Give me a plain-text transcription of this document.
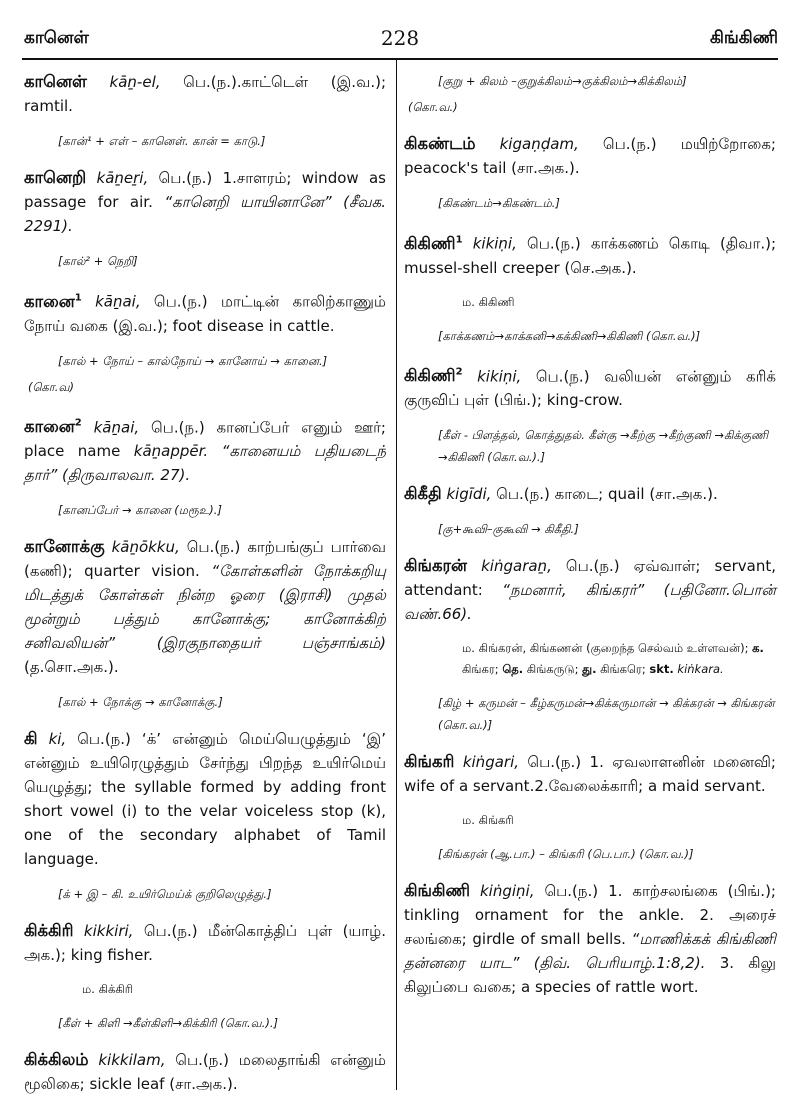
கானெள்	228	கிங்கிணி
கானெள் kāṉ-el, பெ.(ந.).காட்டெள் (இ.வ.); ramtil.
[கான்¹ + எள் – கானெள். கான் = காடு.]
கானெறி kāṉeṟi, பெ.(ந.) 1.சாளரம்; window as passage for air. “கானெறி யாயினானே” (சீவக. 2291).
[கால்² + நெறி]
கானை$^1$ kāṉai, பெ.(ந.) மாட்டின் காலிற்காணும் நோய் வகை (இ.வ.); foot disease in cattle.
[கால் + நோய் – கால்நோய் → கானோய் → கானை.]
(கொ.வ)
கானை$^2$ kāṉai, பெ.(ந.) கானப்பேர் எனும் ஊர்; place name kāṉappēr. “கானையம் பதியடைந் தார்” (திருவாலவா. 27).
[கானப்பேர் → கானை (மரூஉ).]
கானோக்கு kāṉōkku, பெ.(ந.) காற்பங்குப் பார்வை (கணி); quarter vision. “கோள்களின் நோக்கறியு மிடத்துக் கோள்கள் நின்ற ஓரை (இராசி) முதல் மூன்றும் பத்தும் கானோக்கு; கானோக்கிற் சனிவலியன்” (இரகுநாதையர் பஞ்சாங்கம்) (த.சொ.அக.).
[கால் + நோக்கு → கானோக்கு.]
கி ki, பெ.(ந.) ‘க்’ என்னும் மெய்யெழுத்தும் ‘இ’ என்னும் உயிரெழுத்தும் சேர்ந்து பிறந்த உயிர்மெய் யெழுத்து; the syllable formed by adding front short vowel (i) to the velar voiceless stop (k), one of the secondary alphabet of Tamil language.
[க் + இ – கி. உயிர்மெய்க் குறிலெழுத்து.]
கிக்கிரி kikkiri, பெ.(ந.) மீன்கொத்திப் புள் (யாழ். அக.); king fisher.
ம. கிக்கிரி
[கீள் + கிளி →கீள்கிளி→கிக்கிரி (கொ.வ.).]
கிக்கிலம் kikkilam, பெ.(ந.) மலைதாங்கி என்னும் மூலிகை; sickle leaf (சா.அக.).
[குறு + கிலம் –குறுக்கிலம்→குக்கிலம்→கிக்கிலம்]
(கொ.வ.)
கிகண்டம் kigaṇḍam, பெ.(ந.) மயிற்றோகை; peacock's tail (சா.அக.).
[கிகண்டம்→கிகண்டம்.]
கிகிணி$^1$ kikiṇi, பெ.(ந.) காக்கணம் கொடி (திவா.); mussel-shell creeper (செ.அக.).
ம. கிகிணி
[காக்கணம்→காக்கனி→கக்கிணி→கிகிணி (கொ.வ.)]
கிகிணி$^2$ kikiṇi, பெ.(ந.) வலியன் என்னும் கரிக் குருவிப் புள் (பிங்.); king-crow.
[கீள் - பிளத்தல், கொத்துதல். கீள்கு →கீற்கு →கீற்குணி →கிக்குணி →கிகிணி (கொ.வ.).]
கிகீதி kigīdi, பெ.(ந.) காடை; quail (சா.அக.).
[கு+கூவி–குகூவி → கிகீதி.]
கிங்கரன் kiṅgaraṉ, பெ.(ந.) ஏவ்வாள்; servant, attendant: “நமனார், கிங்கரர்” (பதினோ.பொன் வண்.66).
ம. கிங்கரன், கிங்கணன் (குறைந்த செல்வம் உள்ளவன்); க. கிங்கர; தெ. கிங்கருடு; து. கிங்கரெ; skt. kiṅkara.
[கிழ் + கருமன் – கீழ்கருமன்→கிக்கருமான் → கிக்கரன் → கிங்கரன் (கொ.வ.)]
கிங்கரி kiṅgari, பெ.(ந.) 1. ஏவலாளனின் மனைவி; wife of a servant.2.வேலைக்காரி; a maid servant.
ம. கிங்கரி
[கிங்கரன் (ஆ.பா.) – கிங்கரி (பெ.பா.) (கொ.வ.)]
கிங்கிணி kiṅgiṇi, பெ.(ந.) 1. காற்சலங்கை (பிங்.); tinkling ornament for the ankle. 2. அரைச் சலங்கை; girdle of small bells. “மாணிக்கக் கிங்கிணி தன்னரை யாட” (திவ். பெரியாழ்.1:8,2). 3. கிலு கிலுப்பை வகை; a species of rattle wort.
